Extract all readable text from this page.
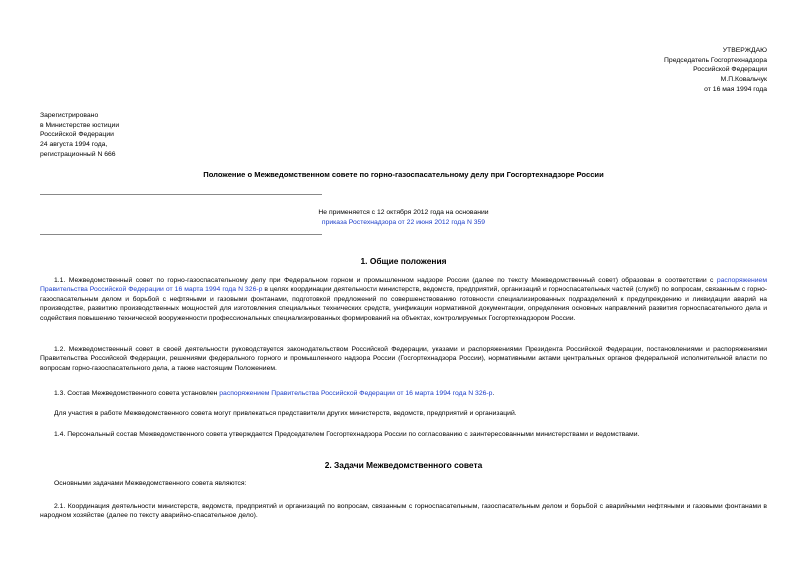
УТВЕРЖДАЮ
Председатель Госгортехнадзора
Российской Федерации
М.П.Ковальчук
от 16 мая 1994 года
Зарегистрировано
в Министерстве юстиции
Российской Федерации
24 августа 1994 года,
регистрационный N 666
Положение о Межведомственном совете по горно-газоспасательному делу при Госгортехнадзоре России
Не применяется с 12 октября 2012 года на основании
приказа Ростехнадзора от 22 июня 2012 года N 359
1. Общие положения

1.1. Межведомственный совет по горно-газоспасательному делу при Федеральном горном и промышленном надзоре России (далее по тексту Межведомственный совет) образован в соответствии с распоряжением Правительства Российской Федерации от 16 марта 1994 года N 326-р в целях координации деятельности министерств, ведомств, предприятий, организаций и горноспасательных частей (служб) по вопросам, связанным с горно-газоспасательным делом и борьбой с нефтяными и газовыми фонтанами, подготовкой предложений по совершенствованию готовности специализированных подразделений к предупреждению и ликвидации аварий на производстве, развитию производственных мощностей для изготовления специальных технических средств, унификации нормативной документации, определения основных направлений развития горноспасательного дела и содействия повышению технической вооруженности профессиональных специализированных формирований на объектах, контролируемых Госгортехнадзором России.

1.2. Межведомственный совет в своей деятельности руководствуется законодательством Российской Федерации, указами и распоряжениями Президента Российской Федерации, постановлениями и распоряжениями Правительства Российской Федерации, решениями федерального горного и промышленного надзора России (Госгортехнадзора России), нормативными актами центральных органов федеральной исполнительной власти по вопросам горно-газоспасательного дела, а также настоящим Положением.

1.3. Состав Межведомственного совета установлен распоряжением Правительства Российской Федерации от 16 марта 1994 года N 326-р.

Для участия в работе Межведомственного совета могут привлекаться представители других министерств, ведомств, предприятий и организаций.

1.4. Персональный состав Межведомственного совета утверждается Председателем Госгортехнадзора России по согласованию с заинтересованными министерствами и ведомствами.

2. Задачи Межведомственного совета

Основными задачами Межведомственного совета являются:

2.1. Координация деятельности министерств, ведомств, предприятий и организаций по вопросам, связанным с горноспасательным, газоспасательным делом и борьбой с аварийными нефтяными и газовыми фонтанами в народном хозяйстве (далее по тексту аварийно-спасательное дело).
